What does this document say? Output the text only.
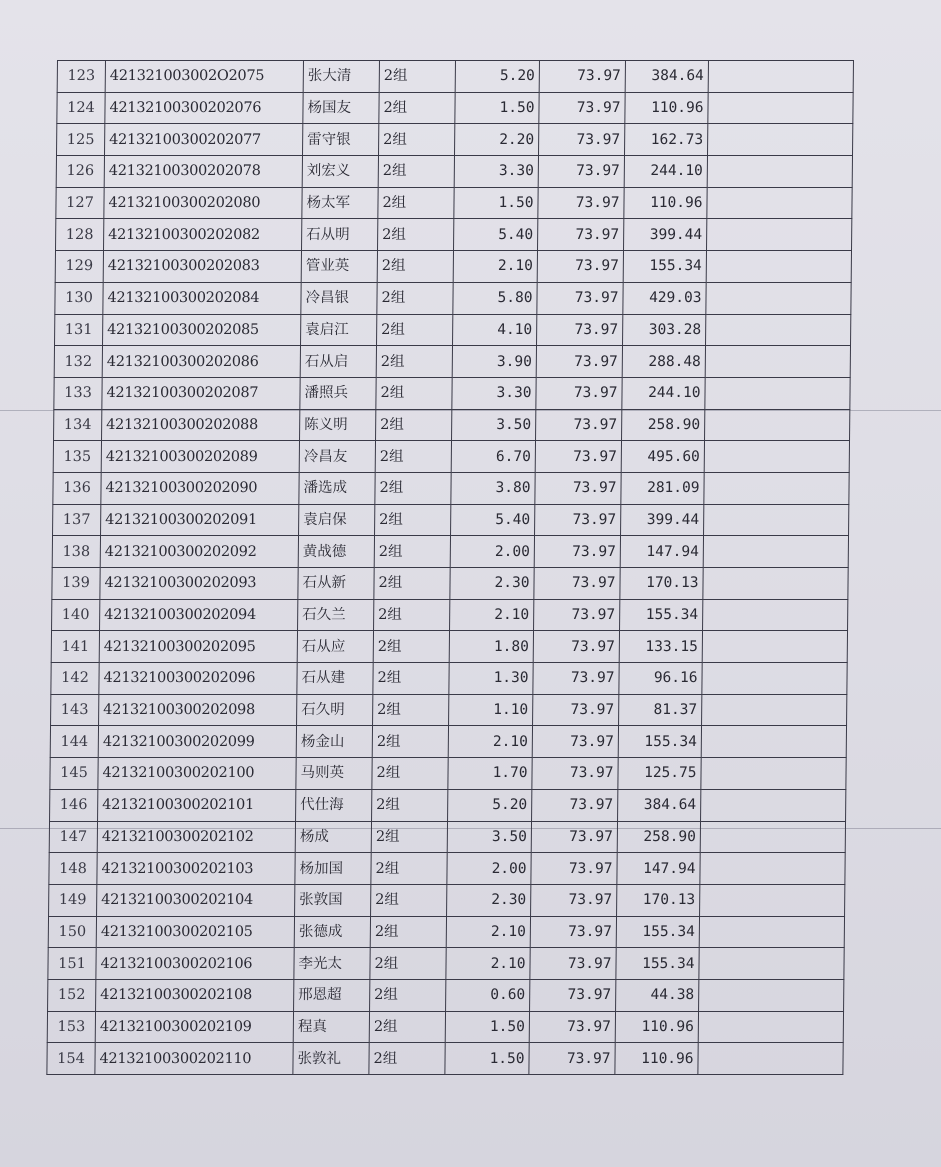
123	421321003002O2075	张大清	2组	5.20	73.97	384.64	
124	42132100300202076	杨国友	2组	1.50	73.97	110.96	
125	42132100300202077	雷守银	2组	2.20	73.97	162.73	
126	42132100300202078	刘宏义	2组	3.30	73.97	244.10	
127	42132100300202080	杨太军	2组	1.50	73.97	110.96	
128	42132100300202082	石从明	2组	5.40	73.97	399.44	
129	42132100300202083	管业英	2组	2.10	73.97	155.34	
130	42132100300202084	冷昌银	2组	5.80	73.97	429.03	
131	42132100300202085	袁启江	2组	4.10	73.97	303.28	
132	42132100300202086	石从启	2组	3.90	73.97	288.48	
133	42132100300202087	潘照兵	2组	3.30	73.97	244.10	
134	42132100300202088	陈义明	2组	3.50	73.97	258.90	
135	42132100300202089	冷昌友	2组	6.70	73.97	495.60	
136	42132100300202090	潘选成	2组	3.80	73.97	281.09	
137	42132100300202091	袁启保	2组	5.40	73.97	399.44	
138	42132100300202092	黄战德	2组	2.00	73.97	147.94	
139	42132100300202093	石从新	2组	2.30	73.97	170.13	
140	42132100300202094	石久兰	2组	2.10	73.97	155.34	
141	42132100300202095	石从应	2组	1.80	73.97	133.15	
142	42132100300202096	石从建	2组	1.30	73.97	96.16	
143	42132100300202098	石久明	2组	1.10	73.97	81.37	
144	42132100300202099	杨金山	2组	2.10	73.97	155.34	
145	42132100300202100	马则英	2组	1.70	73.97	125.75	
146	42132100300202101	代仕海	2组	5.20	73.97	384.64	
147	42132100300202102	杨成	2组	3.50	73.97	258.90	
148	42132100300202103	杨加国	2组	2.00	73.97	147.94	
149	42132100300202104	张敦国	2组	2.30	73.97	170.13	
150	42132100300202105	张德成	2组	2.10	73.97	155.34	
151	42132100300202106	李光太	2组	2.10	73.97	155.34	
152	42132100300202108	邢恩超	2组	0.60	73.97	44.38	
153	42132100300202109	程真	2组	1.50	73.97	110.96	
154	42132100300202110	张敦礼	2组	1.50	73.97	110.96	
